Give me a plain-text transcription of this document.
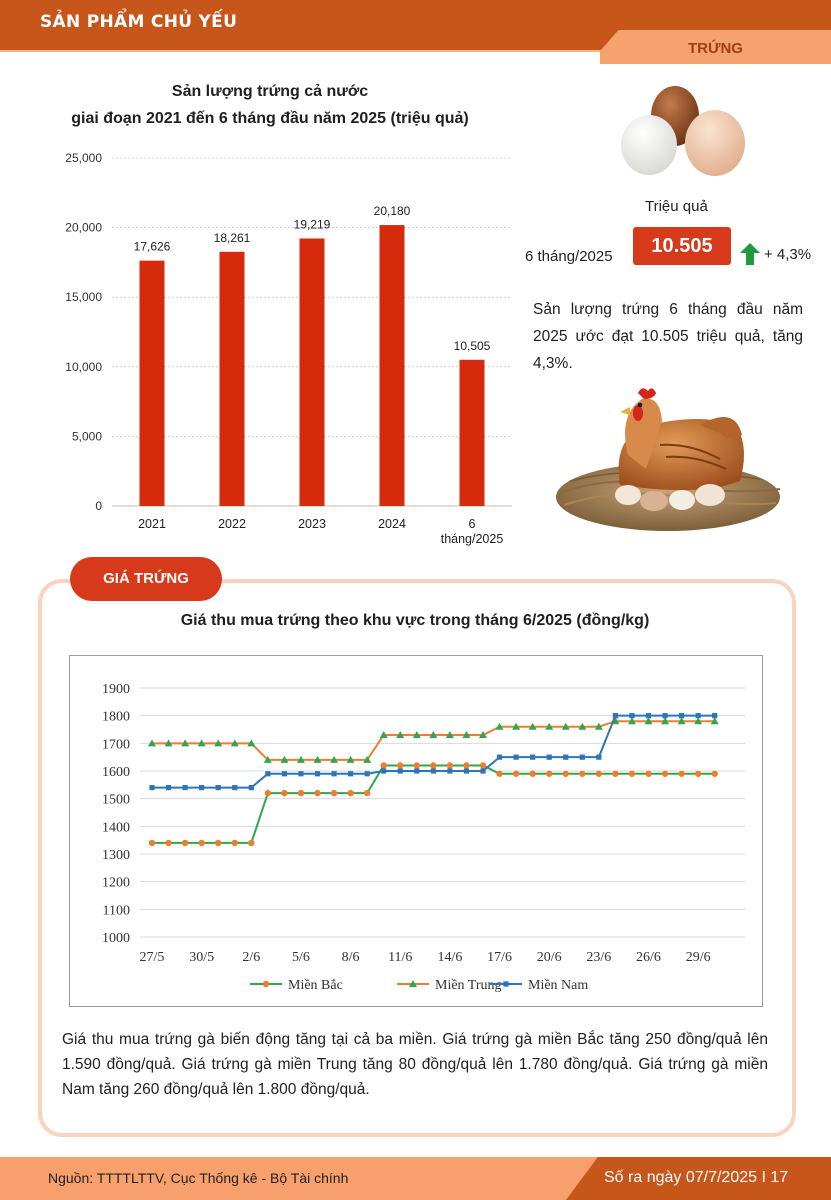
SẢN PHẨM CHỦ YẾU
TRỨNG
Sản lượng trứng cả nước
giai đoạn 2021 đến 6 tháng đầu năm 2025 (triệu quả)
0
5,000
10,000
15,000
20,000
25,000
17,626
2021
18,261
2022
19,219
2023
20,180
2024
10,505
6
tháng/2025
Triệu quả
6 tháng/2025	10.505	+ 4,3%
Sản lượng trứng 6 tháng đầu năm 2025 ước đạt 10.505 triệu quả, tăng 4,3%.
GIÁ TRỨNG
Giá thu mua trứng theo khu vực trong tháng 6/2025 (đồng/kg)
1000
1100
1200
1300
1400
1500
1600
1700
1800
1900
27/5 30/5 2/6 5/6 8/6 11/6 14/6 17/6 20/6 23/6 26/6 29/6
Miền Bắc	Miền Trung Miền Nam
Giá thu mua trứng gà biến động tăng tại cả ba miền. Giá trứng gà miền Bắc tăng 250 đồng/quả lên 1.590 đồng/quả. Giá trứng gà miền Trung tăng 80 đồng/quả lên 1.780 đồng/quả. Giá trứng gà miền Nam tăng 260 đồng/quả lên 1.800 đồng/quả.
Nguồn: TTTTLTTV, Cục Thống kê - Bộ Tài chính	Số ra ngày 07/7/2025 I 17
